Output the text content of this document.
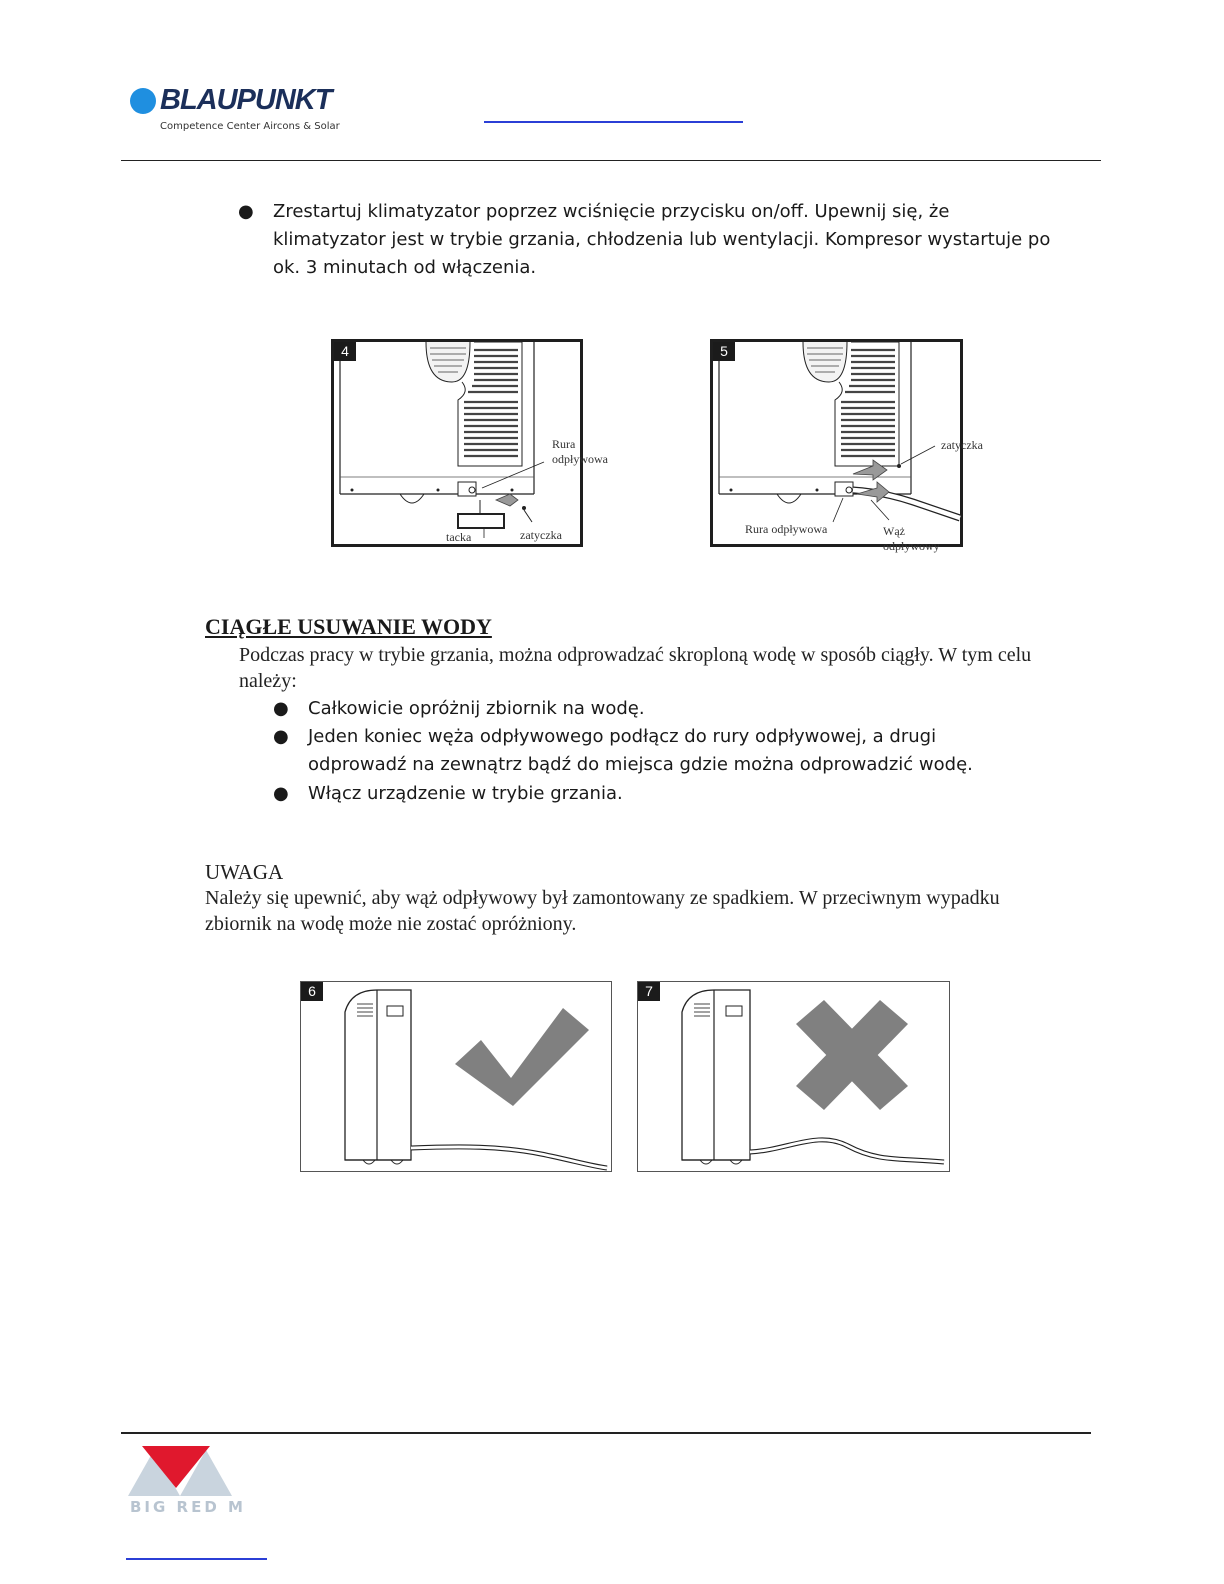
BLAUPUNKT
Competence Center Aircons & Solar
● Zrestartuj klimatyzator poprzez wciśnięcie przycisku on/off. Upewnij się, że klimatyzator jest w trybie grzania, chłodzenia lub wentylacji. Kompresor wystartuje po ok. 3 minutach od włączenia.
4
Rura
odpływowa
tacka	zatyczka
5
zatyczka
Rura odpływowa	Wąż odpływowy
CIĄGŁE USUWANIE WODY
Podczas pracy w trybie grzania, można odprowadzać skroploną wodę w sposób ciągły. W tym celu należy:
● Całkowicie opróżnij zbiornik na wodę.
● Jeden koniec węża odpływowego podłącz do rury odpływowej, a drugi odprowadź na zewnątrz bądź do miejsca gdzie można odprowadzić wodę.
● Włącz urządzenie w trybie grzania.
UWAGA
Należy się upewnić, aby wąż odpływowy był zamontowany ze spadkiem. W przeciwnym wypadku zbiornik na wodę może nie zostać opróżniony.
6	7
BIG RED M
